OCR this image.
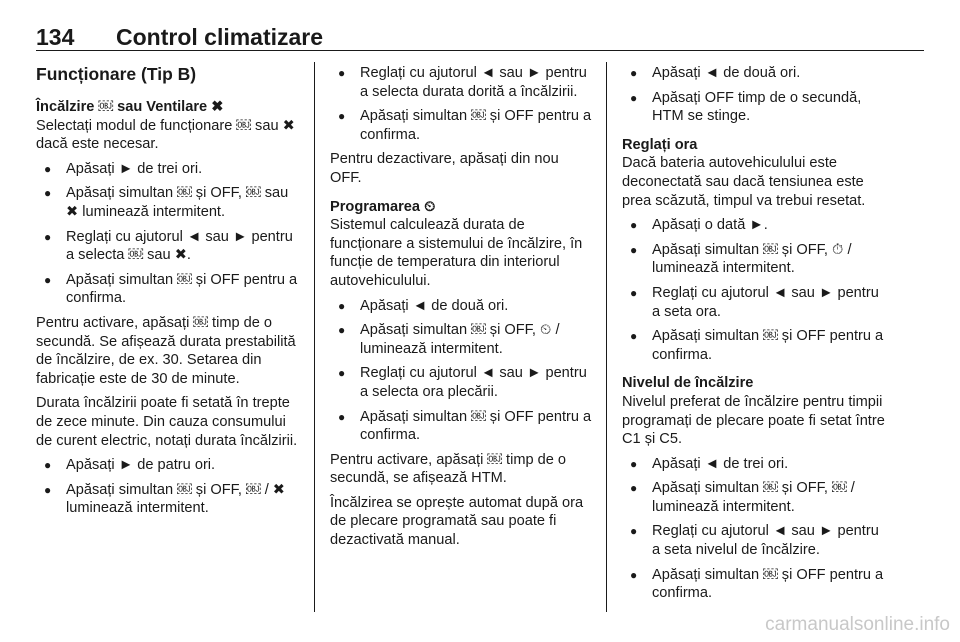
134 Control climatizare
Funcționare (Tip B)
Încălzire ￼ sau Ventilare ✖

Selectați modul de funcționare ￼ sau ✖ dacă este necesar.

● Apăsați ► de trei ori.
● Apăsați simultan ￼ și OFF, ￼ sau ✖ luminează intermitent.
● Reglați cu ajutorul ◄ sau ► pentru a selecta ￼ sau ✖.
● Apăsați simultan ￼ și OFF pentru a confirma.

Pentru activare, apăsați ￼ timp de o secundă. Se afișează durata prestabilită de încălzire, de ex. 30. Setarea din fabricație este de 30 de minute.

Durata încălzirii poate fi setată în trepte de zece minute. Din cauza consumului de curent electric, notați durata încălzirii.

● Apăsați ► de patru ori.
● Apăsați simultan ￼ și OFF, ￼ / ✖ luminează intermitent.
● Reglați cu ajutorul ◄ sau ► pentru a selecta durata dorită a încălzirii.
● Apăsați simultan ￼ și OFF pentru a confirma.

Pentru dezactivare, apăsați din nou OFF.

Programarea ⏲

Sistemul calculează durata de funcționare a sistemului de încălzire, în funcție de temperatura din interiorul autovehiculului.

● Apăsați ◄ de două ori.
● Apăsați simultan ￼ și OFF, ⏲ / luminează intermitent.
● Reglați cu ajutorul ◄ sau ► pentru a selecta ora plecării.
● Apăsați simultan ￼ și OFF pentru a confirma.

Pentru activare, apăsați ￼ timp de o secundă, se afișează HTM.

Încălzirea se oprește automat după ora de plecare programată sau poate fi dezactivată manual.

● Apăsați ◄ de două ori.
● Apăsați OFF timp de o secundă, HTM se stinge.
Reglați ora

Dacă bateria autovehiculului este deconectată sau dacă tensiunea este prea scăzută, timpul va trebui resetat.

● Apăsați o dată ►.
● Apăsați simultan ￼ și OFF, ⏱ / luminează intermitent.
● Reglați cu ajutorul ◄ sau ► pentru a seta ora.
● Apăsați simultan ￼ și OFF pentru a confirma.
Nivelul de încălzire

Nivelul preferat de încălzire pentru timpii programați de plecare poate fi setat între C1 și C5.

● Apăsați ◄ de trei ori.
● Apăsați simultan ￼ și OFF, ￼ / luminează intermitent.
● Reglați cu ajutorul ◄ sau ► pentru a seta nivelul de încălzire.
● Apăsați simultan ￼ și OFF pentru a confirma.
carmanualsonline.info
